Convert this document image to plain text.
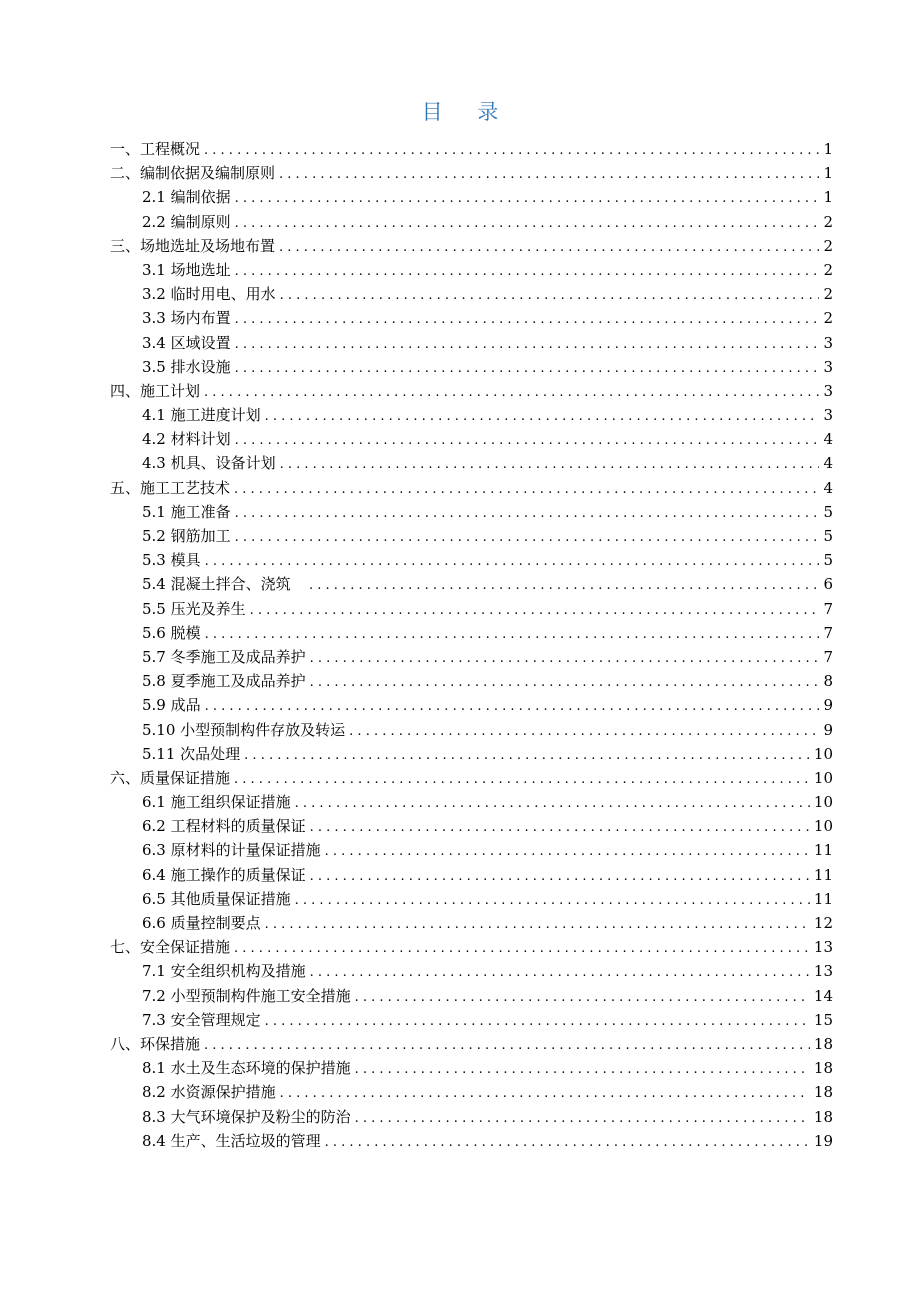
目 录
一、工程概况 . . .	1
二、编制依据及编制原则 . . .	1
2.1 编制依据 . . .	1
2.2 编制原则 . . .	2
三、场地选址及场地布置 . . .	2
3.1 场地选址 . . .	2
3.2 临时用电、用水 . . .	2
3.3 场内布置 . . .	2
3.4 区域设置 . . .	3
3.5 排水设施 . . .	3
四、施工计划 . . .	3
4.1 施工进度计划 . . .	3
4.2 材料计划 . . .	4
4.3 机具、设备计划 . . .	4
五、施工工艺技术 . . .	4
5.1 施工准备 . . .	5
5.2 钢筋加工 . . .	5
5.3 模具 . . .	5
5.4 混凝土拌合、浇筑 . . .	6
5.5 压光及养生 . . .	7
5.6 脱模 . . .	7
5.7 冬季施工及成品养护 . . .	7
5.8 夏季施工及成品养护 . . .	8
5.9 成品 . . .	9
5.10 小型预制构件存放及转运 . . .	9
5.11 次品处理 . . .	10
六、质量保证措施 . . .	10
6.1 施工组织保证措施 . . .	10
6.2 工程材料的质量保证 . . .	10
6.3 原材料的计量保证措施 . . .	11
6.4 施工操作的质量保证 . . .	11
6.5 其他质量保证措施 . . .	11
6.6 质量控制要点 . . .	12
七、安全保证措施 . . .	13
7.1 安全组织机构及措施 . . .	13
7.2 小型预制构件施工安全措施 . . .	14
7.3 安全管理规定 . . .	15
八、环保措施 . . .	18
8.1 水土及生态环境的保护措施 . . .	18
8.2 水资源保护措施 . . .	18
8.3 大气环境保护及粉尘的防治 . . .	18
8.4 生产、生活垃圾的管理 . . .	19
